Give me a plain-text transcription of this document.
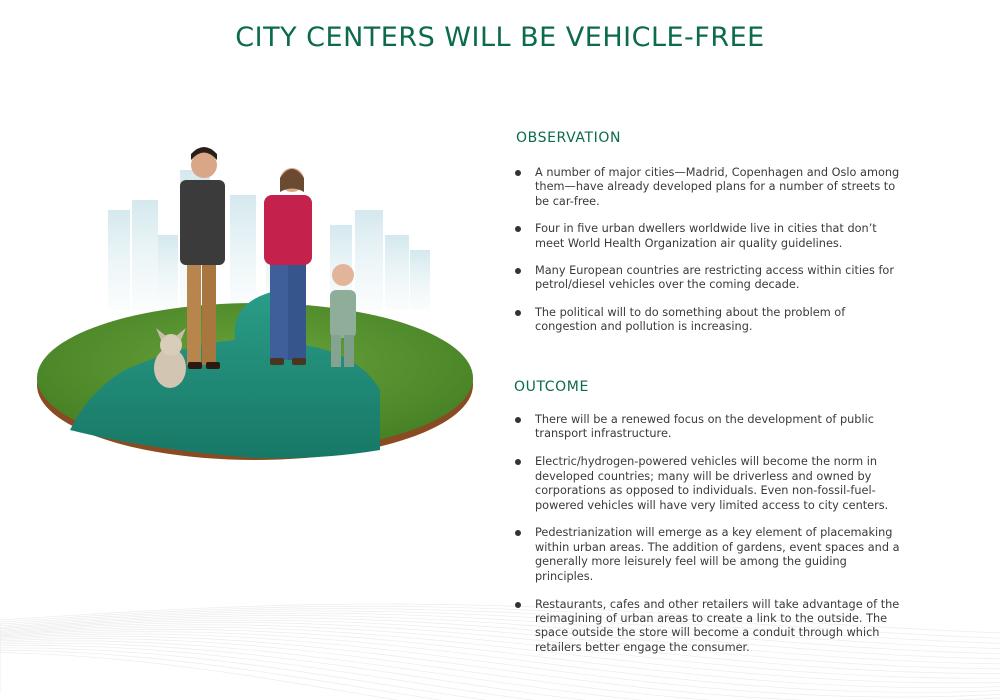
CITY CENTERS WILL BE VEHICLE-FREE
OBSERVATION
A number of major cities—Madrid, Copenhagen and Oslo among them—have already developed plans for a number of streets to be car-free.
Four in five urban dwellers worldwide live in cities that don’t meet World Health Organization air quality guidelines.
Many European countries are restricting access within cities for petrol/diesel vehicles over the coming decade.
The political will to do something about the problem of congestion and pollution is increasing.
OUTCOME
There will be a renewed focus on the development of public transport infrastructure.
Electric/hydrogen-powered vehicles will become the norm in developed countries; many will be driverless and owned by corporations as opposed to individuals. Even non-fossil-fuel-powered vehicles will have very limited access to city centers.
Pedestrianization will emerge as a key element of placemaking within urban areas. The addition of gardens, event spaces and a generally more leisurely feel will be among the guiding principles.
Restaurants, cafes and other retailers will take advantage of the reimagining of urban areas to create a link to the outside. The space outside the store will become a conduit through which retailers better engage the consumer.
